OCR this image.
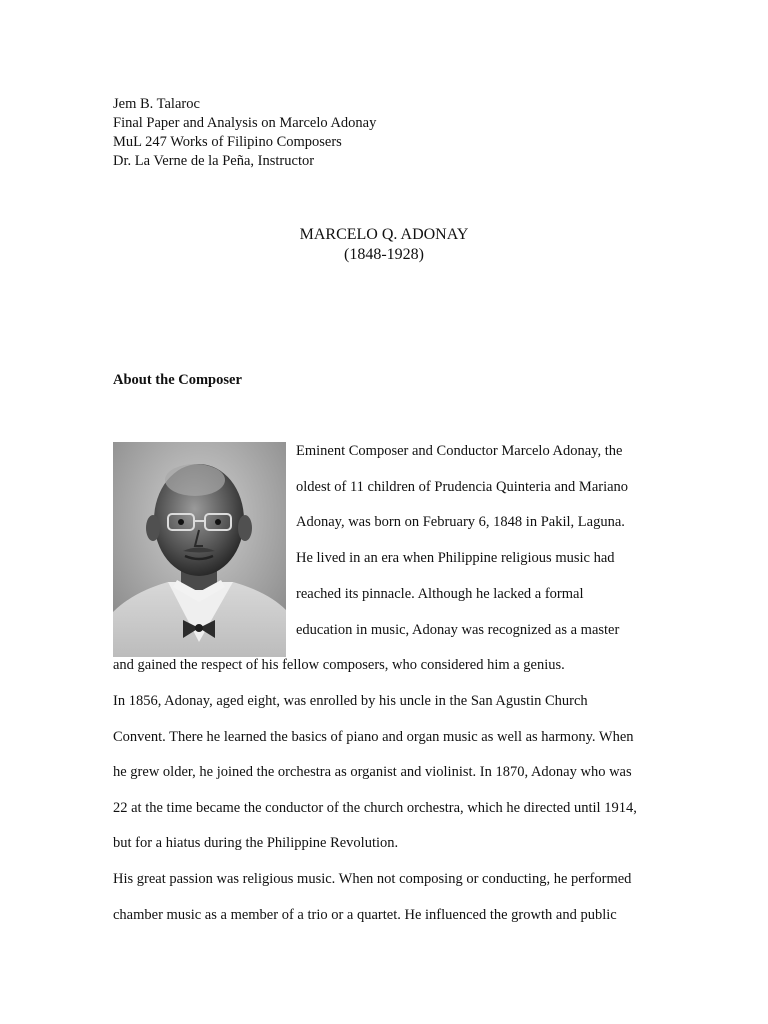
Jem B. Talaroc
Final Paper and Analysis on Marcelo Adonay
MuL 247 Works of Filipino Composers
Dr. La Verne de la Peña, Instructor
MARCELO Q. ADONAY
(1848-1928)
About the Composer
Eminent Composer and Conductor Marcelo Adonay, the
oldest of 11 children of Prudencia Quinteria and Mariano
Adonay, was born on February 6, 1848 in Pakil, Laguna.
He lived in an era when Philippine religious music had
reached its pinnacle. Although he lacked a formal
education in music, Adonay was recognized as a master
and gained the respect of his fellow composers, who considered him a genius.
In 1856, Adonay, aged eight, was enrolled by his uncle in the San Agustin Church
Convent. There he learned the basics of piano and organ music as well as harmony. When
he grew older, he joined the orchestra as organist and violinist. In 1870, Adonay who was
22 at the time became the conductor of the church orchestra, which he directed until 1914,
but for a hiatus during the Philippine Revolution.
His great passion was religious music. When not composing or conducting, he performed
chamber music as a member of a trio or a quartet. He influenced the growth and public
